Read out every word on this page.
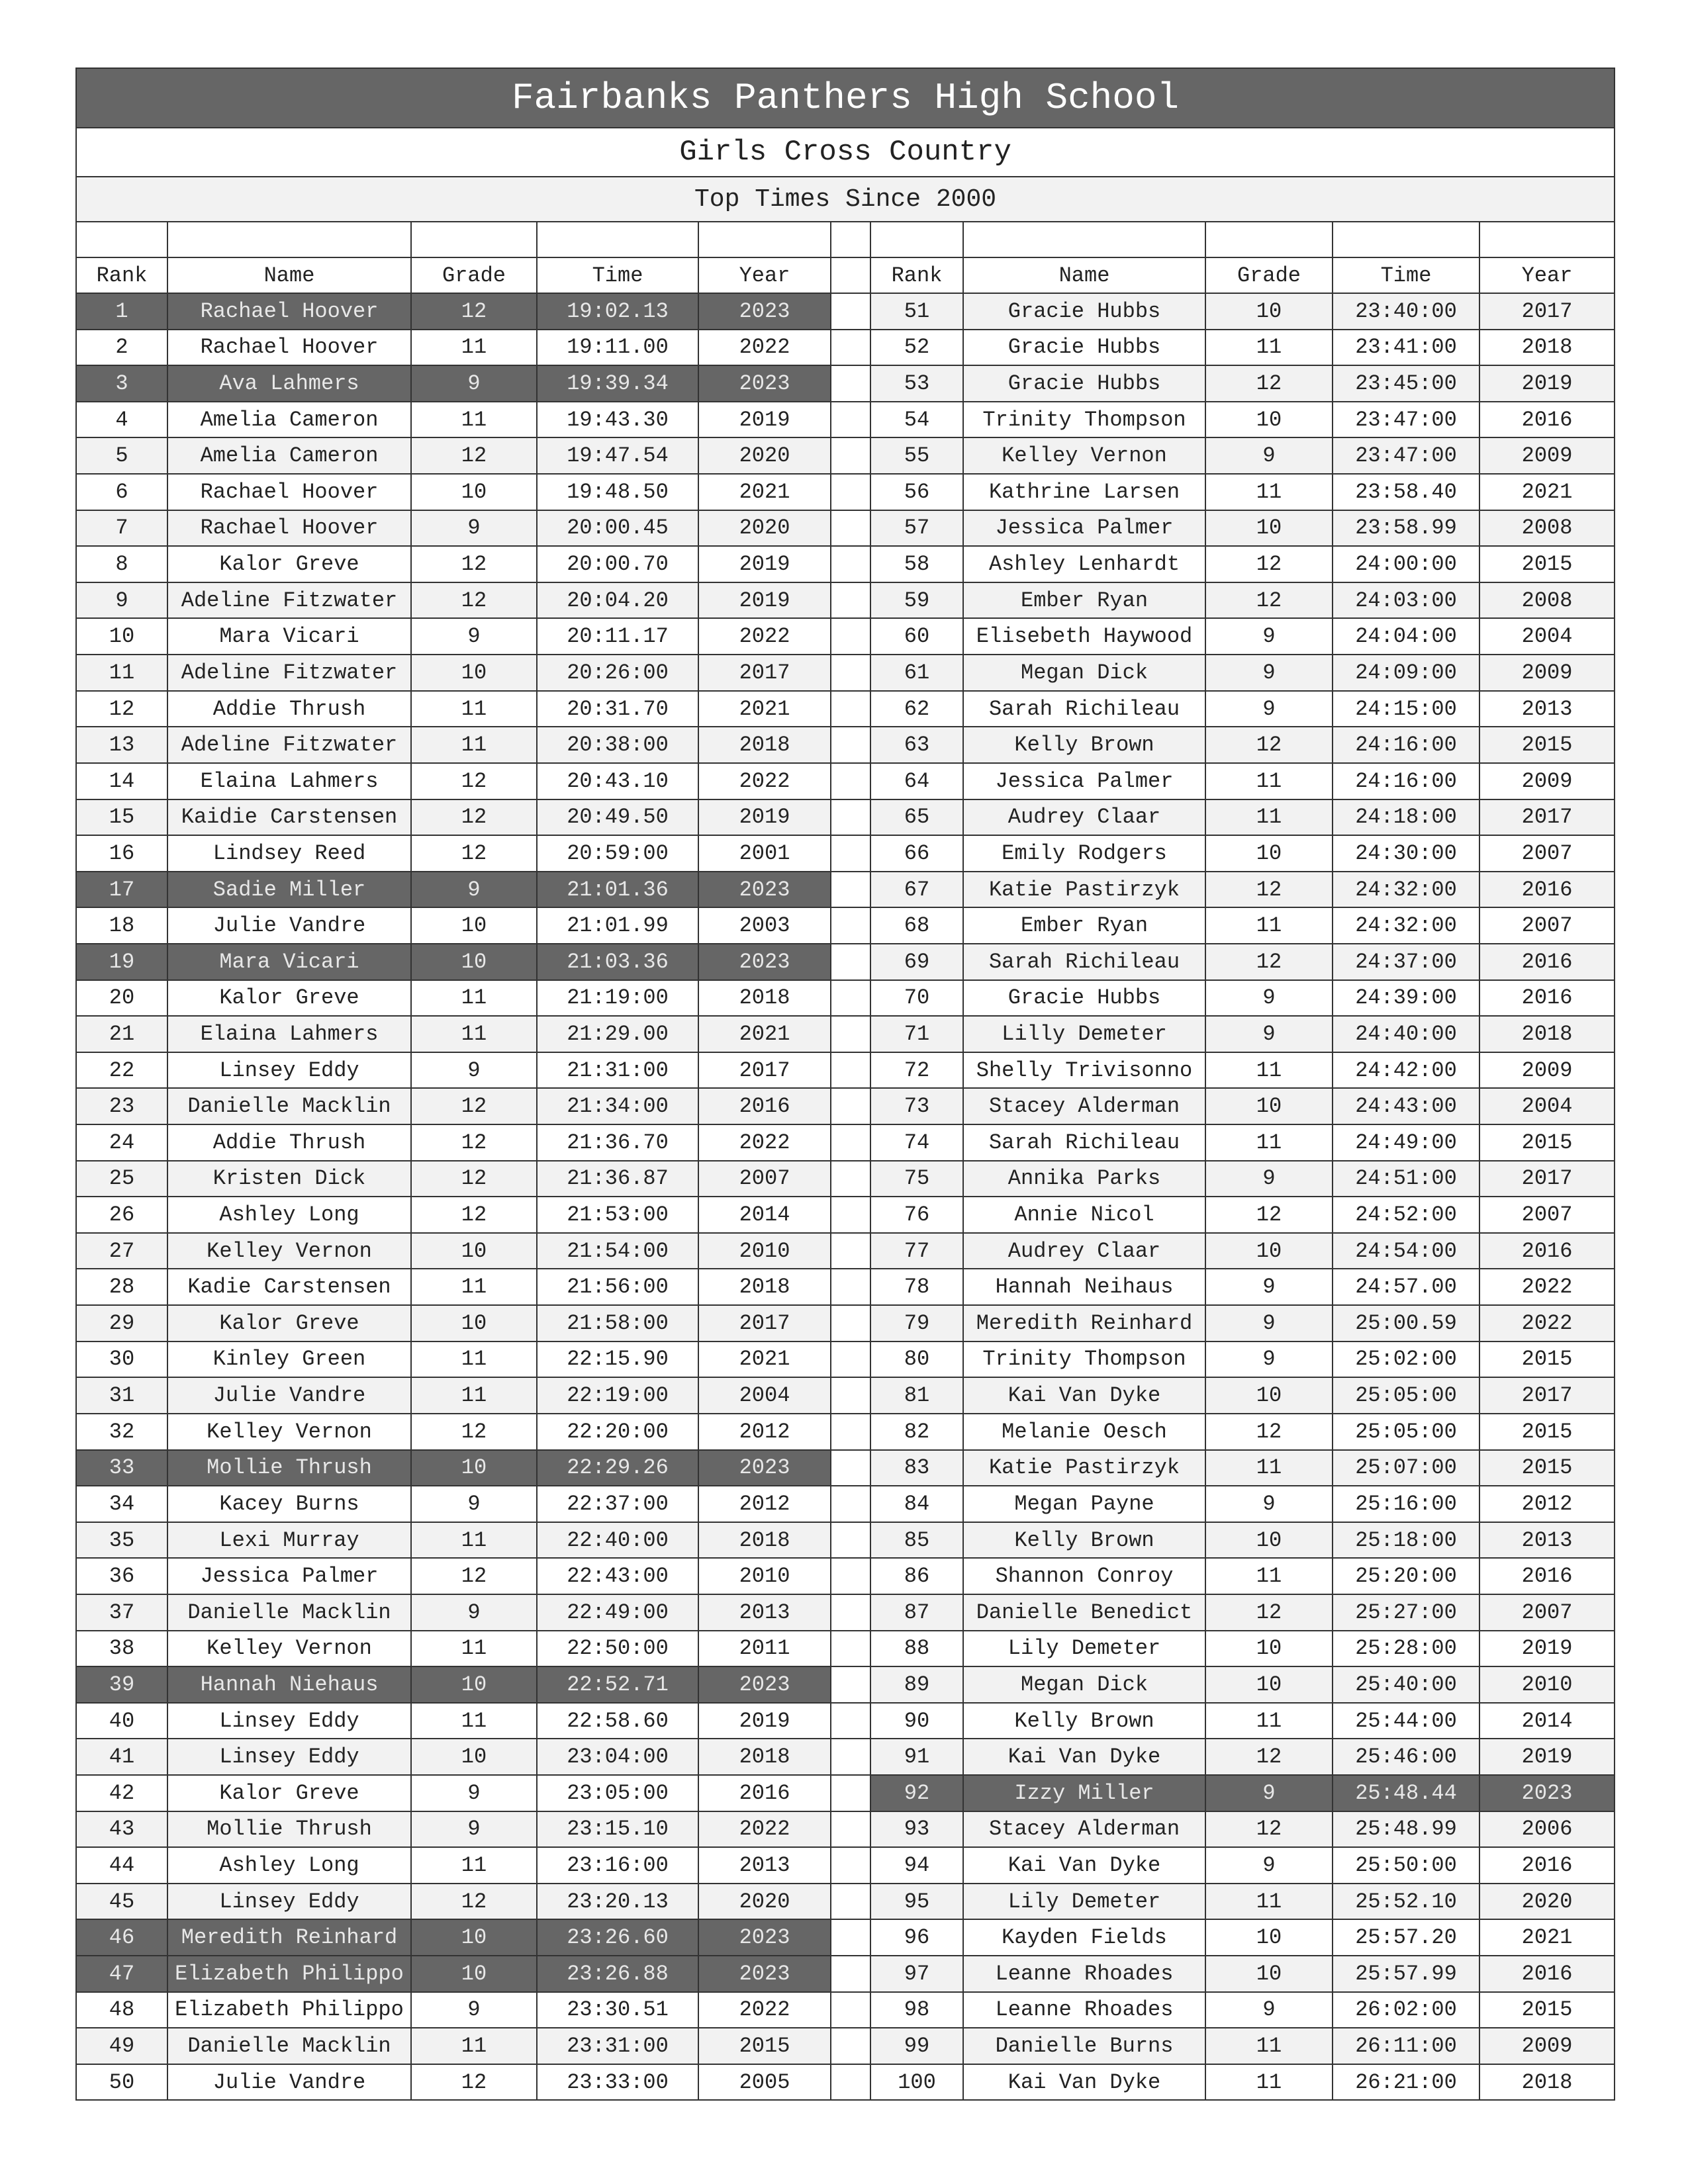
Fairbanks Panthers High School										
Girls Cross Country										
Top Times Since 2000										

Rank	Name	Grade	Time	Year		Rank	Name	Grade	Time	Year
1	Rachael Hoover	12	19:02.13	2023		51	Gracie Hubbs	10	23:40:00	2017
2	Rachael Hoover	11	19:11.00	2022		52	Gracie Hubbs	11	23:41:00	2018
3	Ava Lahmers	9	19:39.34	2023		53	Gracie Hubbs	12	23:45:00	2019
4	Amelia Cameron	11	19:43.30	2019		54	Trinity Thompson	10	23:47:00	2016
5	Amelia Cameron	12	19:47.54	2020		55	Kelley Vernon	9	23:47:00	2009
6	Rachael Hoover	10	19:48.50	2021		56	Kathrine Larsen	11	23:58.40	2021
7	Rachael Hoover	9	20:00.45	2020		57	Jessica Palmer	10	23:58.99	2008
8	Kalor Greve	12	20:00.70	2019		58	Ashley Lenhardt	12	24:00:00	2015
9	Adeline Fitzwater	12	20:04.20	2019		59	Ember Ryan	12	24:03:00	2008
10	Mara Vicari	9	20:11.17	2022		60	Elisebeth Haywood	9	24:04:00	2004
11	Adeline Fitzwater	10	20:26:00	2017		61	Megan Dick	9	24:09:00	2009
12	Addie Thrush	11	20:31.70	2021		62	Sarah Richileau	9	24:15:00	2013
13	Adeline Fitzwater	11	20:38:00	2018		63	Kelly Brown	12	24:16:00	2015
14	Elaina Lahmers	12	20:43.10	2022		64	Jessica Palmer	11	24:16:00	2009
15	Kaidie Carstensen	12	20:49.50	2019		65	Audrey Claar	11	24:18:00	2017
16	Lindsey Reed	12	20:59:00	2001		66	Emily Rodgers	10	24:30:00	2007
17	Sadie Miller	9	21:01.36	2023		67	Katie Pastirzyk	12	24:32:00	2016
18	Julie Vandre	10	21:01.99	2003		68	Ember Ryan	11	24:32:00	2007
19	Mara Vicari	10	21:03.36	2023		69	Sarah Richileau	12	24:37:00	2016
20	Kalor Greve	11	21:19:00	2018		70	Gracie Hubbs	9	24:39:00	2016
21	Elaina Lahmers	11	21:29.00	2021		71	Lilly Demeter	9	24:40:00	2018
22	Linsey Eddy	9	21:31:00	2017		72	Shelly Trivisonno	11	24:42:00	2009
23	Danielle Macklin	12	21:34:00	2016		73	Stacey Alderman	10	24:43:00	2004
24	Addie Thrush	12	21:36.70	2022		74	Sarah Richileau	11	24:49:00	2015
25	Kristen Dick	12	21:36.87	2007		75	Annika Parks	9	24:51:00	2017
26	Ashley Long	12	21:53:00	2014		76	Annie Nicol	12	24:52:00	2007
27	Kelley Vernon	10	21:54:00	2010		77	Audrey Claar	10	24:54:00	2016
28	Kadie Carstensen	11	21:56:00	2018		78	Hannah Neihaus	9	24:57.00	2022
29	Kalor Greve	10	21:58:00	2017		79	Meredith Reinhard	9	25:00.59	2022
30	Kinley Green	11	22:15.90	2021		80	Trinity Thompson	9	25:02:00	2015
31	Julie Vandre	11	22:19:00	2004		81	Kai Van Dyke	10	25:05:00	2017
32	Kelley Vernon	12	22:20:00	2012		82	Melanie Oesch	12	25:05:00	2015
33	Mollie Thrush	10	22:29.26	2023		83	Katie Pastirzyk	11	25:07:00	2015
34	Kacey Burns	9	22:37:00	2012		84	Megan Payne	9	25:16:00	2012
35	Lexi Murray	11	22:40:00	2018		85	Kelly Brown	10	25:18:00	2013
36	Jessica Palmer	12	22:43:00	2010		86	Shannon Conroy	11	25:20:00	2016
37	Danielle Macklin	9	22:49:00	2013		87	Danielle Benedict	12	25:27:00	2007
38	Kelley Vernon	11	22:50:00	2011		88	Lily Demeter	10	25:28:00	2019
39	Hannah Niehaus	10	22:52.71	2023		89	Megan Dick	10	25:40:00	2010
40	Linsey Eddy	11	22:58.60	2019		90	Kelly Brown	11	25:44:00	2014
41	Linsey Eddy	10	23:04:00	2018		91	Kai Van Dyke	12	25:46:00	2019
42	Kalor Greve	9	23:05:00	2016		92	Izzy Miller	9	25:48.44	2023
43	Mollie Thrush	9	23:15.10	2022		93	Stacey Alderman	12	25:48.99	2006
44	Ashley Long	11	23:16:00	2013		94	Kai Van Dyke	9	25:50:00	2016
45	Linsey Eddy	12	23:20.13	2020		95	Lily Demeter	11	25:52.10	2020
46	Meredith Reinhard	10	23:26.60	2023		96	Kayden Fields	10	25:57.20	2021
47	Elizabeth Philippo	10	23:26.88	2023		97	Leanne Rhoades	10	25:57.99	2016
48	Elizabeth Philippo	9	23:30.51	2022		98	Leanne Rhoades	9	26:02:00	2015
49	Danielle Macklin	11	23:31:00	2015		99	Danielle Burns	11	26:11:00	2009
50	Julie Vandre	12	23:33:00	2005		100	Kai Van Dyke	11	26:21:00	2018
